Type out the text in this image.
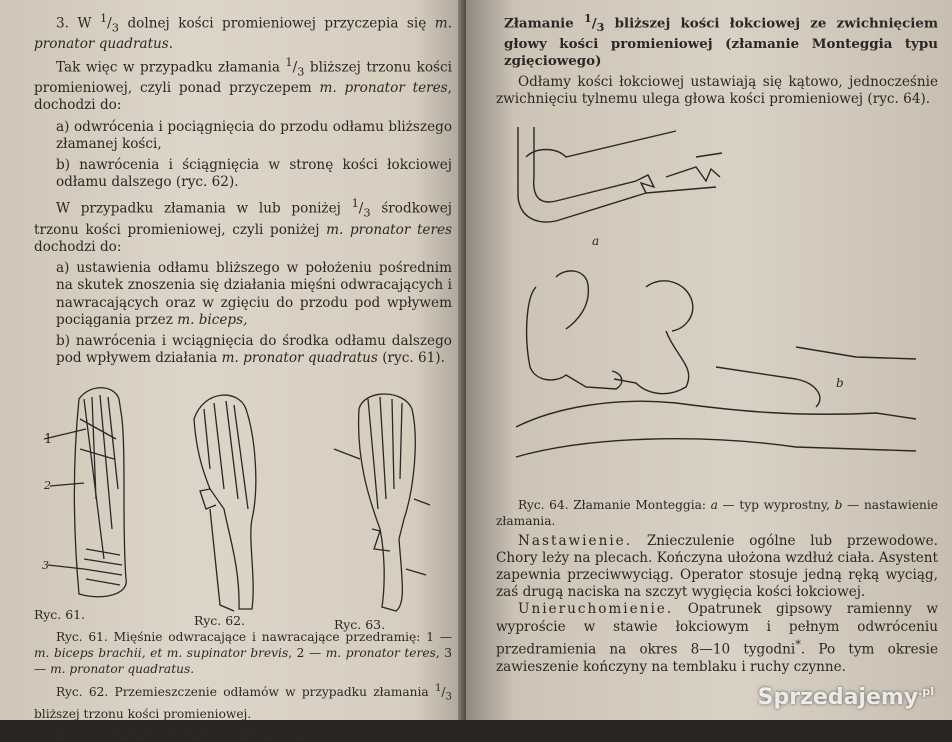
3. W $^1/_3$ dolnej kości promieniowej przyczepia się m. pronator quadratus.

Tak więc w przypadku złamania $^1/_3$ bliższej trzonu kości promieniowej, czyli ponad przyczepem m. pronator teres, dochodzi do:

a) odwrócenia i pociągnięcia do przodu odłamu bliższego złamanej kości,

b) nawrócenia i ściągnięcia w stronę kości łokciowej odłamu dalszego (ryc. 62).

W przypadku złamania w lub poniżej $^1/_3$ środkowej trzonu kości promieniowej, czyli poniżej m. pronator teres dochodzi do:

a) ustawienia odłamu bliższego w położeniu pośrednim na skutek znoszenia się działania mięśni odwracających i nawracających oraz w zgięciu do przodu pod wpływem pociągania przez m. biceps,

b) nawrócenia i wciągnięcia do środka odłamu dalszego pod wpływem działania m. pronator quadratus (ryc. 61).

1
2
3
Ryc. 61.	Ryc. 62.	Ryc. 63.

Ryc. 61. Mięśnie odwracające i nawracające przedramię: 1 — m. biceps brachii, et m. supinator brevis, 2 — m. pronator teres, 3 — m. pronator quadratus.

Ryc. 62. Przemieszczenie odłamów w przypadku złamania $^1/_3$ bliższej trzonu kości promieniowej.

Ryc. 63. Przemieszczenie odłamów w przy...

Złamanie $^1/_3$ bliższej kości łokciowej ze zwichnięciem głowy kości promieniowej (złamanie Monteggia typu zgięciowego)

Odłamy kości łokciowej ustawiają się kątowo, jednocześnie zwichnięciu tylnemu ulega głowa kości promieniowej (ryc. 64).

a
b

Ryc. 64. Złamanie Monteggia: a — typ wyprostny, b — nastawienie złamania.

Nastawienie. Znieczulenie ogólne lub przewodowe. Chory leży na plecach. Kończyna ułożona wzdłuż ciała. Asystent zapewnia przeciwwyciąg. Operator stosuje jedną ręką wyciąg, zaś drugą naciska na szczyt wygięcia kości łokciowej.

Unieruchomienie. Opatrunek gipsowy ramienny w wyproście w stawie łokciowym i pełnym odwróceniu przedramienia na okres 8—10 tygodni*. Po tym okresie zawieszenie kończyny na temblaku i ruchy czynne.

Sprzedajemy$^{.pl}$
